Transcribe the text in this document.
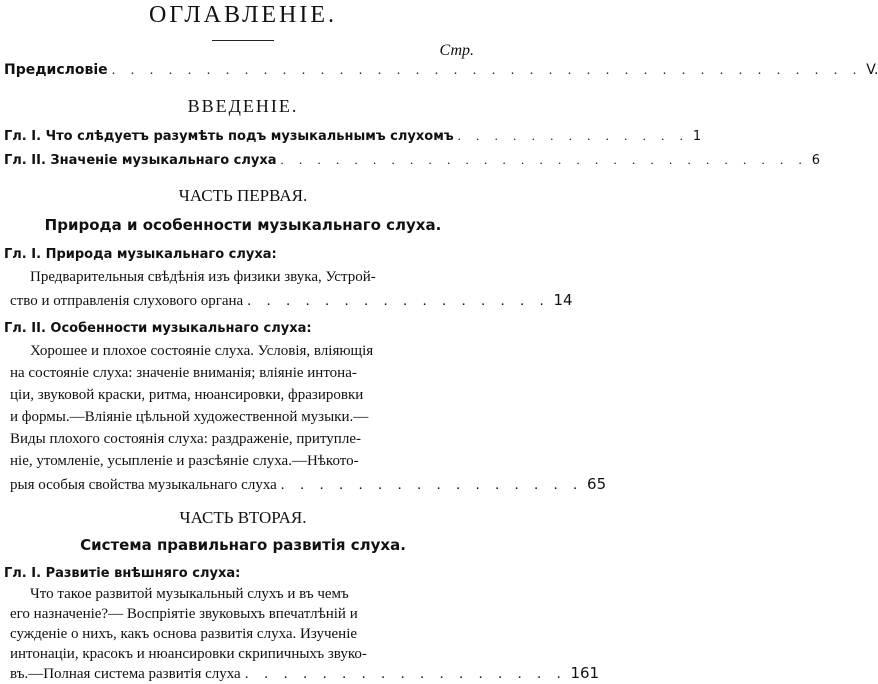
ОГЛАВЛЕНIЕ.
Стр.
Предисловіе . . . . . . . . . . . . . . . . . . . . . . . . . . . . . . . . . . . . . . . . V.
ВВЕДЕНIЕ.
Гл. I. Что слѣдуетъ разумѣть подъ музыкальнымъ слухомъ . . . . . . . . . . . . . 1
Гл. II. Значеніе музыкальнаго слуха . . . . . . . . . . . . . . . . . . . . . . . . . . . . . 6
ЧАСТЬ ПЕРВАЯ.
Природа и особенности музыкальнаго слуха.
Гл. I. Природа музыкальнаго слуха:
Предварительныя свѣдѣнія изъ физики звука, Устрой-
ство и отправленія слухового органа . . . . . . . . . . . . . . . . 14
Гл. II. Особенности музыкальнаго слуха:
Хорошее и плохое состояніе слуха. Условія, вліяющія
на состояніе слуха: значеніе вниманія; вліяніе интона-
ціи, звуковой краски, ритма, нюансировки, фразировки
и формы.—Вліяніе цѣльной художественной музыки.—
Виды плохого состоянія слуха: раздраженіе, притупле-
ніе, утомленіе, усыпленіе и разсѣяніе слуха.—Нѣкото-
рыя особыя свойства музыкальнаго слуха . . . . . . . . . . . . . . . . 65
ЧАСТЬ ВТОРАЯ.
Система правильнаго развитія слуха.
Гл. I. Развитіе внѣшняго слуха:
Что такое развитой музыкальный слухъ и въ чемъ
его назначеніе?— Воспріятіе звуковыхъ впечатлѣній и
сужденіе о нихъ, какъ основа развитія слуха. Изученіе
интонаціи, красокъ и нюансировки скрипичныхъ звуко-
въ.—Полная система развитія слуха . . . . . . . . . . . . . . . . . 161
